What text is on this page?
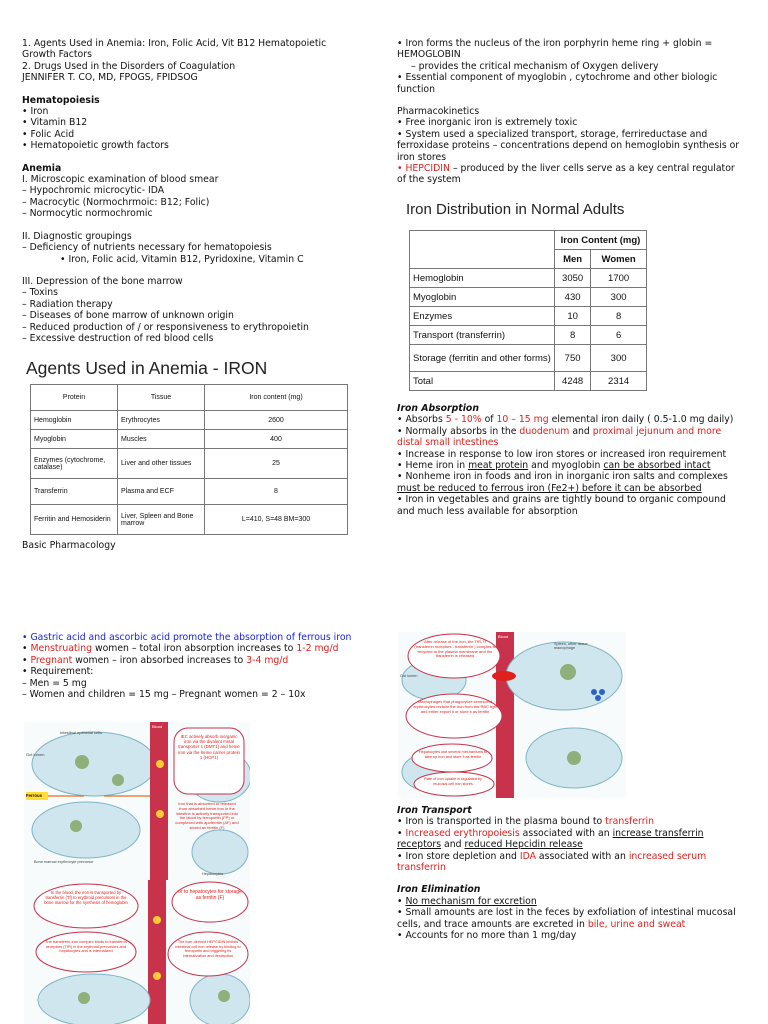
1. Agents Used in Anemia: Iron, Folic Acid, Vit B12 Hematopoietic Growth Factors

2. Drugs Used in the Disorders of Coagulation

JENNIFER T. CO, MD, FPOGS, FPIDSOG

Hematopoiesis

• Iron

• Vitamin B12

• Folic Acid

• Hematopoietic growth factors

Anemia

I. Microscopic examination of blood smear

– Hypochromic microcytic- IDA

– Macrocytic (Normochrmoic: B12; Folic)

– Normocytic normochromic

II. Diagnostic groupings

– Deficiency of nutrients necessary for hematopoiesis

• Iron, Folic acid, Vitamin B12, Pyridoxine, Vitamin C

III. Depression of the bone marrow

– Toxins

– Radiation therapy

– Diseases of bone marrow of unknown origin

– Reduced production of / or responsiveness to erythropoietin

– Excessive destruction of red blood cells

Agents Used in Anemia - IRON
Protein	Tissue	Iron content (mg)
Hemoglobin	Erythrocytes	2600
Myoglobin	Muscles	400
Enzymes (cytochrome, catalase)	Liver and other tissues	25
Transferrin	Plasma and ECF	8
Ferritin and Hemosiderin	Liver, Spleen and Bone marrow	L=410, S=48 BM=300
Basic Pharmacology

• Iron forms the nucleus of the iron porphyrin heme ring + globin = HEMOGLOBIN

– provides the critical mechanism of Oxygen delivery

• Essential component of myoglobin , cytochrome and other biologic function

Pharmacokinetics

• Free inorganic iron is extremely toxic

• System used a specialized transport, storage, ferrireductase and ferroxidase proteins – concentrations depend on hemoglobin synthesis or iron stores

• HEPCIDIN – produced by the liver cells serve as a key central regulator of the system

Iron Distribution in Normal Adults
	Iron Content (mg)	
	Men	Women
Hemoglobin	3050	1700
Myoglobin	430	300
Enzymes	10	8
Transport (transferrin)	8	6
Storage (ferritin and other forms)	750	300
Total	4248	2314

Iron Absorption

• Absorbs 5 - 10% of 10 – 15 mg elemental iron daily ( 0.5-1.0 mg daily)

• Normally absorbs in the duodenum and proximal jejunum and more distal small intestines

• Increase in response to low iron stores or increased iron requirement

• Heme iron in meat protein and myoglobin can be absorbed intact

• Nonheme iron in foods and iron in inorganic iron salts and complexes must be reduced to ferrous iron (Fe2+) before it can be absorbed

• Iron in vegetables and grains are tightly bound to organic compound and much less available for absorption

• Gastric acid and ascorbic acid promote the absorption of ferrous iron

• Menstruating women – total iron absorption increases to 1-2 mg/d

• Pregnant women – iron absorbed increases to 3-4 mg/d

• Requirement:

– Men = 5 mg

– Women and children = 15 mg – Pregnant women = 2 – 10x

IEC actively absorb inorganic iron via the divalent metal transporter 1 (DMT1) and heme iron via the heme carrier protein 1 (HCP1)
Iron that is absorbed or released from absorbed heme iron in the intestine is actively transported into the blood by ferroportin (FP) or complexed with apoferritin (AF) and stored as ferritin (F)
Intestinal epithelial cells
Blood
Gut lumen
Ferrous
Bone marrow erythrocyte precursor
Hepatocytes
In the blood, the iron is transported by transferrin (Tf) to erythroid precursors in the bone marrow for the synthesis of hemoglobin
or to hepatocytes for storage as ferritin (F)
The transferrin-iron complex binds to transferrin receptors (TfR) in the erythroid precursors and hepatocytes and is internalized
The liver-derived HEPCIDIN inhibits intestinal cell iron release by binding to ferroportin and triggering its internalization and destruction
After release of the iron, the TfR-Tf (transferrin receptors - transferrin ) complex is recycled to the plasma membrane and the transferrin is released
Macrophages that phagocytize senescent erythrocytes reclaim the iron from the RBC hgb and either export it or store it as ferritin
Hepatocytes use several mechanisms to take up iron and store it as ferritin
Rate of iron uptake is regulated by mucosal cell iron stores
Spleen, other tissue macrophage
Blood
Gut lumen

Iron Transport

• Iron is transported in the plasma bound to transferrin

• Increased erythropoiesis associated with an increase transferrin receptors and reduced Hepcidin release

• Iron store depletion and IDA associated with an increased serum transferrin

Iron Elimination

• No mechanism for excretion

• Small amounts are lost in the feces by exfoliation of intestinal mucosal cells, and trace amounts are excreted in bile, urine and sweat

• Accounts for no more than 1 mg/day
